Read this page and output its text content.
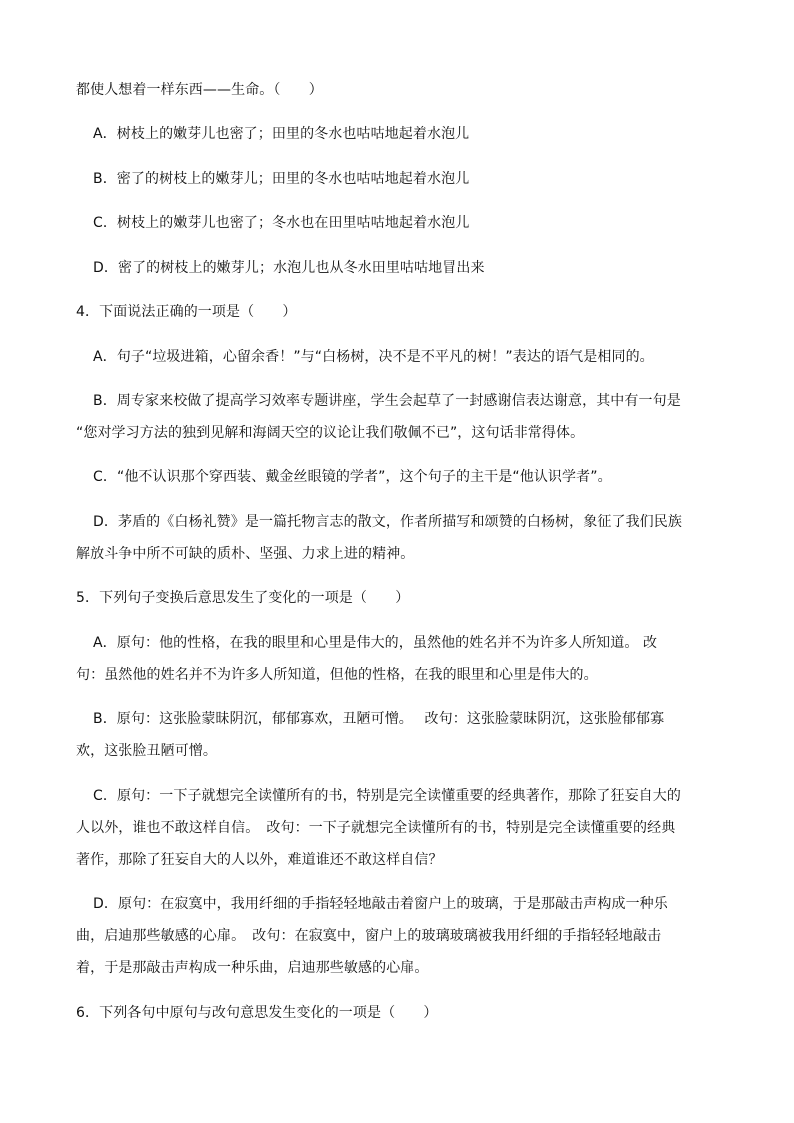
都使人想着一样东西——生命。（　　）
A．树枝上的嫩芽儿也密了；田里的冬水也咕咕地起着水泡儿
B．密了的树枝上的嫩芽儿；田里的冬水也咕咕地起着水泡儿
C．树枝上的嫩芽儿也密了；冬水也在田里咕咕地起着水泡儿
D．密了的树枝上的嫩芽儿；水泡儿也从冬水田里咕咕地冒出来
4．下面说法正确的一项是（　　）
A．句子“垃圾进箱，心留余香！”与“白杨树，决不是不平凡的树！”表达的语气是相同的。
B．周专家来校做了提高学习效率专题讲座，学生会起草了一封感谢信表达谢意，其中有一句是
“您对学习方法的独到见解和海阔天空的议论让我们敬佩不已”，这句话非常得体。
C．“他不认识那个穿西装、戴金丝眼镜的学者”，这个句子的主干是“他认识学者”。
D．茅盾的《白杨礼赞》是一篇托物言志的散文，作者所描写和颂赞的白杨树，象征了我们民族
解放斗争中所不可缺的质朴、坚强、力求上进的精神。
5．下列句子变换后意思发生了变化的一项是（　　）
A．原句：他的性格，在我的眼里和心里是伟大的，虽然他的姓名并不为许多人所知道。 改
句：虽然他的姓名并不为许多人所知道，但他的性格，在我的眼里和心里是伟大的。
B．原句：这张脸蒙昧阴沉，郁郁寡欢，丑陋可憎。　 改句：这张脸蒙昧阴沉，这张脸郁郁寡
欢，这张脸丑陋可憎。
C．原句：一下子就想完全读懂所有的书，特别是完全读懂重要的经典著作，那除了狂妄自大的
人以外，谁也不敢这样自信。　改句：一下子就想完全读懂所有的书，特别是完全读懂重要的经典
著作，那除了狂妄自大的人以外，难道谁还不敢这样自信？
D．原句：在寂寞中，我用纤细的手指轻轻地敲击着窗户上的玻璃，于是那敲击声构成一种乐
曲，启迪那些敏感的心扉。　改句：在寂寞中，窗户上的玻璃玻璃被我用纤细的手指轻轻地敲击
着，于是那敲击声构成一种乐曲，启迪那些敏感的心扉。
6．下列各句中原句与改句意思发生变化的一项是（　　）
